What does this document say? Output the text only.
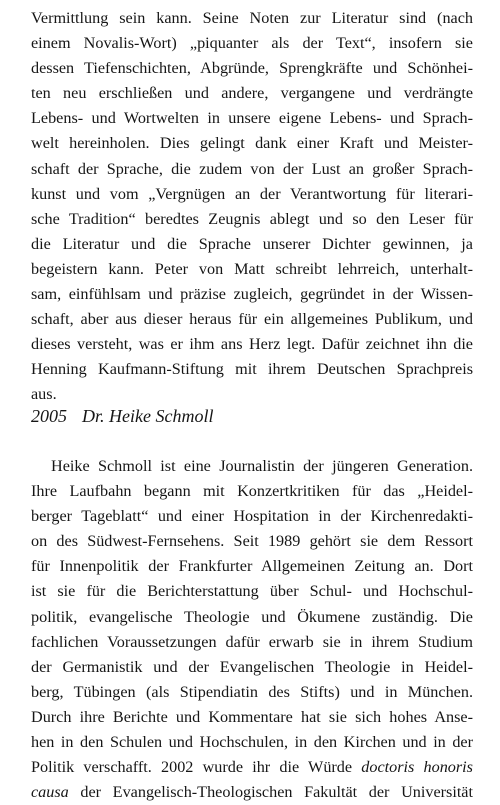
Vermittlung sein kann. Seine Noten zur Literatur sind (nach
einem Novalis-Wort) „piquanter als der Text“, insofern sie
dessen Tiefenschichten, Abgründe, Sprengkräfte und Schönhei-
ten neu erschließen und andere, vergangene und verdrängte
Lebens- und Wortwelten in unsere eigene Lebens- und Sprach-
welt hereinholen. Dies gelingt dank einer Kraft und Meister-
schaft der Sprache, die zudem von der Lust an großer Sprach-
kunst und vom „Vergnügen an der Verantwortung für literari-
sche Tradition“ beredtes Zeugnis ablegt und so den Leser für
die Literatur und die Sprache unserer Dichter gewinnen, ja
begeistern kann. Peter von Matt schreibt lehrreich, unterhalt-
sam, einfühlsam und präzise zugleich, gegründet in der Wissen-
schaft, aber aus dieser heraus für ein allgemeines Publikum, und
dieses versteht, was er ihm ans Herz legt. Dafür zeichnet ihn die
Henning Kaufmann-Stiftung mit ihrem Deutschen Sprachpreis
aus.
2005 Dr. Heike Schmoll
Heike Schmoll ist eine Journalistin der jüngeren Generation.
Ihre Laufbahn begann mit Konzertkritiken für das „Heidel-
berger Tageblatt“ und einer Hospitation in der Kirchenredakti-
on des Südwest-Fernsehens. Seit 1989 gehört sie dem Ressort
für Innenpolitik der Frankfurter Allgemeinen Zeitung an. Dort
ist sie für die Berichterstattung über Schul- und Hochschul-
politik, evangelische Theologie und Ökumene zuständig. Die
fachlichen Voraussetzungen dafür erwarb sie in ihrem Studium
der Germanistik und der Evangelischen Theologie in Heidel-
berg, Tübingen (als Stipendiatin des Stifts) und in München.
Durch ihre Berichte und Kommentare hat sie sich hohes Anse-
hen in den Schulen und Hochschulen, in den Kirchen und in der
Politik verschafft. 2002 wurde ihr die Würde doctoris honoris
causa der Evangelisch-Theologischen Fakultät der Universität
